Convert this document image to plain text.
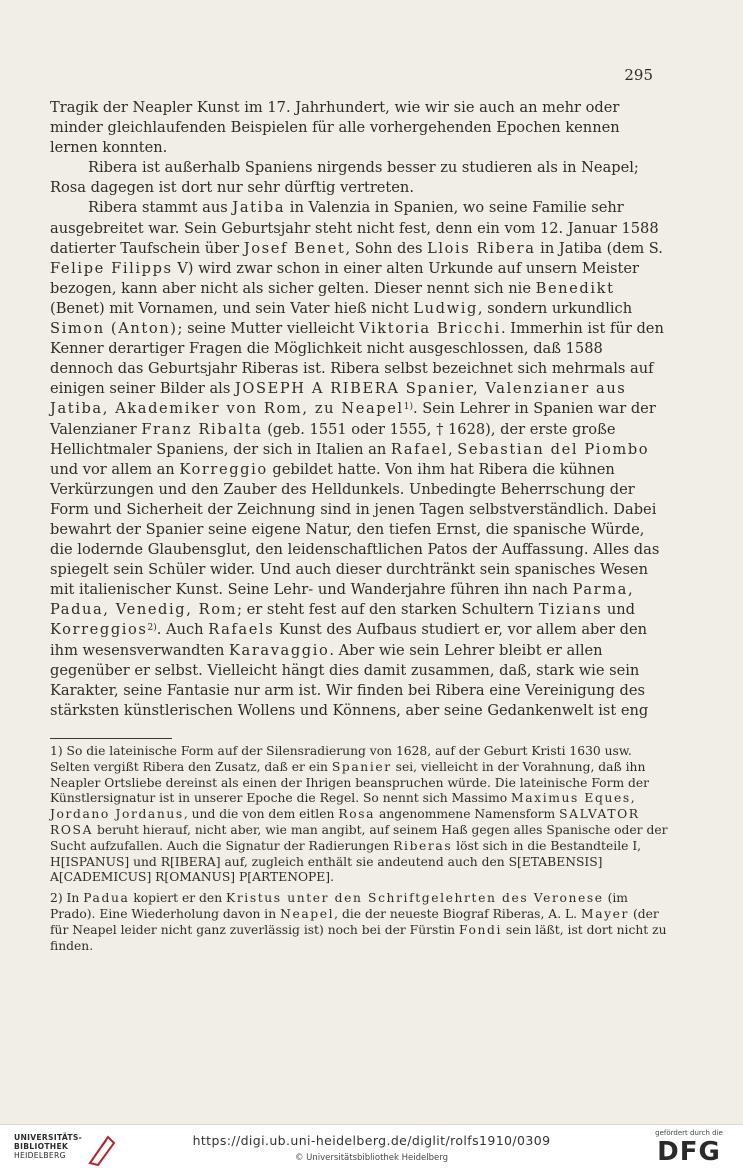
295

Tragik der Neapler Kunst im 17. Jahrhundert, wie wir sie auch an mehr oder minder gleichlaufenden Beispielen für alle vorhergehenden Epochen kennen lernen konnten.

Ribera ist außerhalb Spaniens nirgends besser zu studieren als in Neapel; Rosa dagegen ist dort nur sehr dürftig vertreten.

Ribera stammt aus Jatiba in Valenzia in Spanien, wo seine Familie sehr ausgebreitet war. Sein Geburtsjahr steht nicht fest, denn ein vom 12. Januar 1588 datierter Taufschein über Josef Benet, Sohn des Llois Ribera in Jatiba (dem S. Felipe Filipps V) wird zwar schon in einer alten Urkunde auf unsern Meister bezogen, kann aber nicht als sicher gelten. Dieser nennt sich nie Benedikt (Benet) mit Vornamen, und sein Vater hieß nicht Ludwig, sondern urkundlich Simon (Anton); seine Mutter vielleicht Viktoria Bricchi. Immerhin ist für den Kenner derartiger Fragen die Möglichkeit nicht ausgeschlossen, daß 1588 dennoch das Geburtsjahr Riberas ist. Ribera selbst bezeichnet sich mehrmals auf einigen seiner Bilder als JOSEPH A RIBERA Spanier, Valenzianer aus Jatiba, Akademiker von Rom, zu Neapel$^{1)}$. Sein Lehrer in Spanien war der Valenzianer Franz Ribalta (geb. 1551 oder 1555, † 1628), der erste große Hellichtmaler Spaniens, der sich in Italien an Rafael, Sebastian del Piombo und vor allem an Korreggio gebildet hatte. Von ihm hat Ribera die kühnen Verkürzungen und den Zauber des Helldunkels. Unbedingte Beherrschung der Form und Sicherheit der Zeichnung sind in jenen Tagen selbstverständlich. Dabei bewahrt der Spanier seine eigene Natur, den tiefen Ernst, die spanische Würde, die lodernde Glaubensglut, den leidenschaftlichen Patos der Auffassung. Alles das spiegelt sein Schüler wider. Und auch dieser durchtränkt sein spanisches Wesen mit italienischer Kunst. Seine Lehr- und Wanderjahre führen ihn nach Parma, Padua, Venedig, Rom; er steht fest auf den starken Schultern Tizians und Korreggios$^{2)}$. Auch Rafaels Kunst des Aufbaus studiert er, vor allem aber den ihm wesensverwandten Karavaggio. Aber wie sein Lehrer bleibt er allen gegenüber er selbst. Vielleicht hängt dies damit zusammen, daß, stark wie sein Karakter, seine Fantasie nur arm ist. Wir finden bei Ribera eine Vereinigung des stärksten künstlerischen Wollens und Könnens, aber seine Gedankenwelt ist eng

1) So die lateinische Form auf der Silensradierung von 1628, auf der Geburt Kristi 1630 usw. Selten vergißt Ribera den Zusatz, daß er ein Spanier sei, vielleicht in der Vorahnung, daß ihn Neapler Ortsliebe dereinst als einen der Ihrigen beanspruchen würde. Die lateinische Form der Künstlersignatur ist in unserer Epoche die Regel. So nennt sich Massimo Maximus Eques, Jordano Jordanus, und die von dem eitlen Rosa angenommene Namensform SALVATOR ROSA beruht hierauf, nicht aber, wie man angibt, auf seinem Haß gegen alles Spanische oder der Sucht aufzufallen. Auch die Signatur der Radierungen Riberas löst sich in die Bestandteile I, H[ISPANUS] und R[IBERA] auf, zugleich enthält sie andeutend auch den S[ETABENSIS] A[CADEMICUS] R[OMANUS] P[ARTENOPE].

2) In Padua kopiert er den Kristus unter den Schriftgelehrten des Veronese (im Prado). Eine Wiederholung davon in Neapel, die der neueste Biograf Riberas, A. L. Mayer (der für Neapel leider nicht ganz zuverlässig ist) noch bei der Fürstin Fondi sein läßt, ist dort nicht zu finden.

UNIVERSITÄTS-
BIBLIOTHEK
HEIDELBERG
https://digi.ub.uni-heidelberg.de/diglit/rolfs1910/0309
© Universitätsbibliothek Heidelberg
gefördert durch die
DFG
